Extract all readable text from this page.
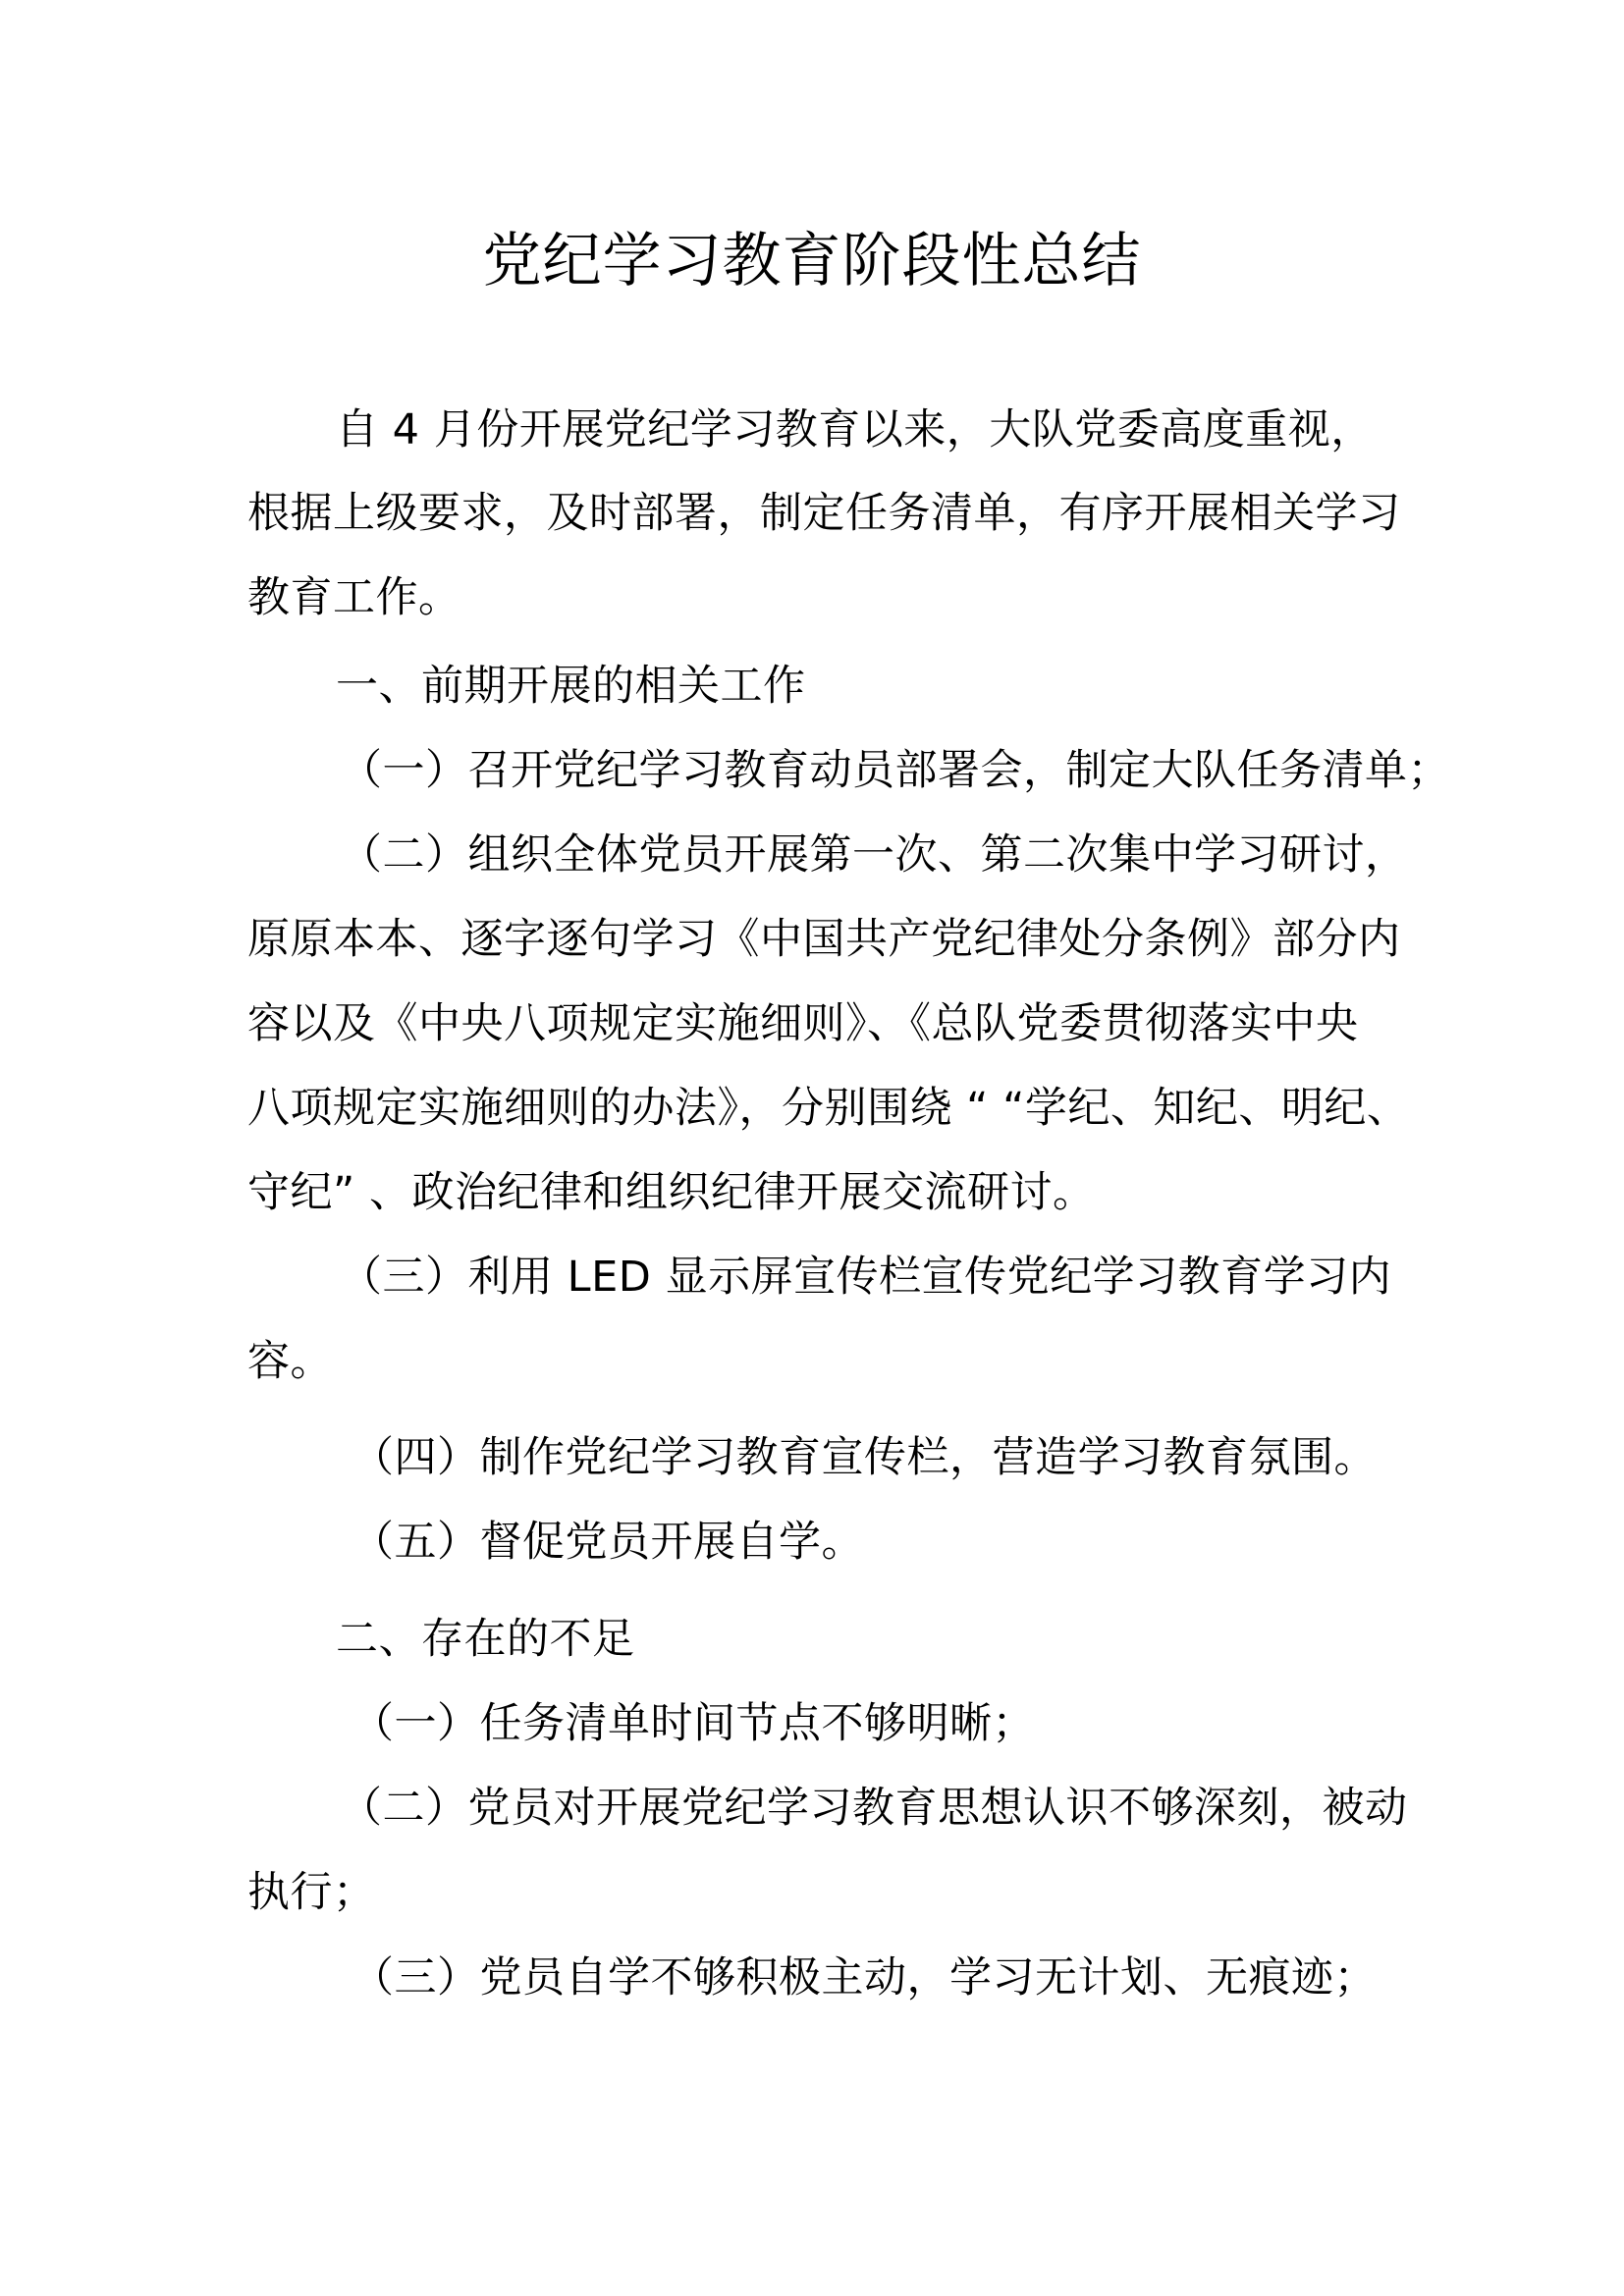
党纪学习教育阶段性总结
自 4 月份开展党纪学习教育以来，大队党委高度重视，
根据上级要求，及时部署，制定任务清单，有序开展相关学习
教育工作。
一、前期开展的相关工作
（一）召开党纪学习教育动员部署会，制定大队任务清单；
（二）组织全体党员开展第一次、第二次集中学习研讨，
原原本本、逐字逐句学习《中国共产党纪律处分条例》部分内
容以及《中央八项规定实施细则》、《总队党委贯彻落实中央
八项规定实施细则的办法》，分别围绕 “ “学纪、知纪、明纪、
守纪” 、政治纪律和组织纪律开展交流研讨。
（三）利用 LED 显示屏宣传栏宣传党纪学习教育学习内
容。
（四）制作党纪学习教育宣传栏，营造学习教育氛围。
（五）督促党员开展自学。
二、存在的不足
（一）任务清单时间节点不够明晰；
（二）党员对开展党纪学习教育思想认识不够深刻，被动
执行；
（三）党员自学不够积极主动，学习无计划、无痕迹；
